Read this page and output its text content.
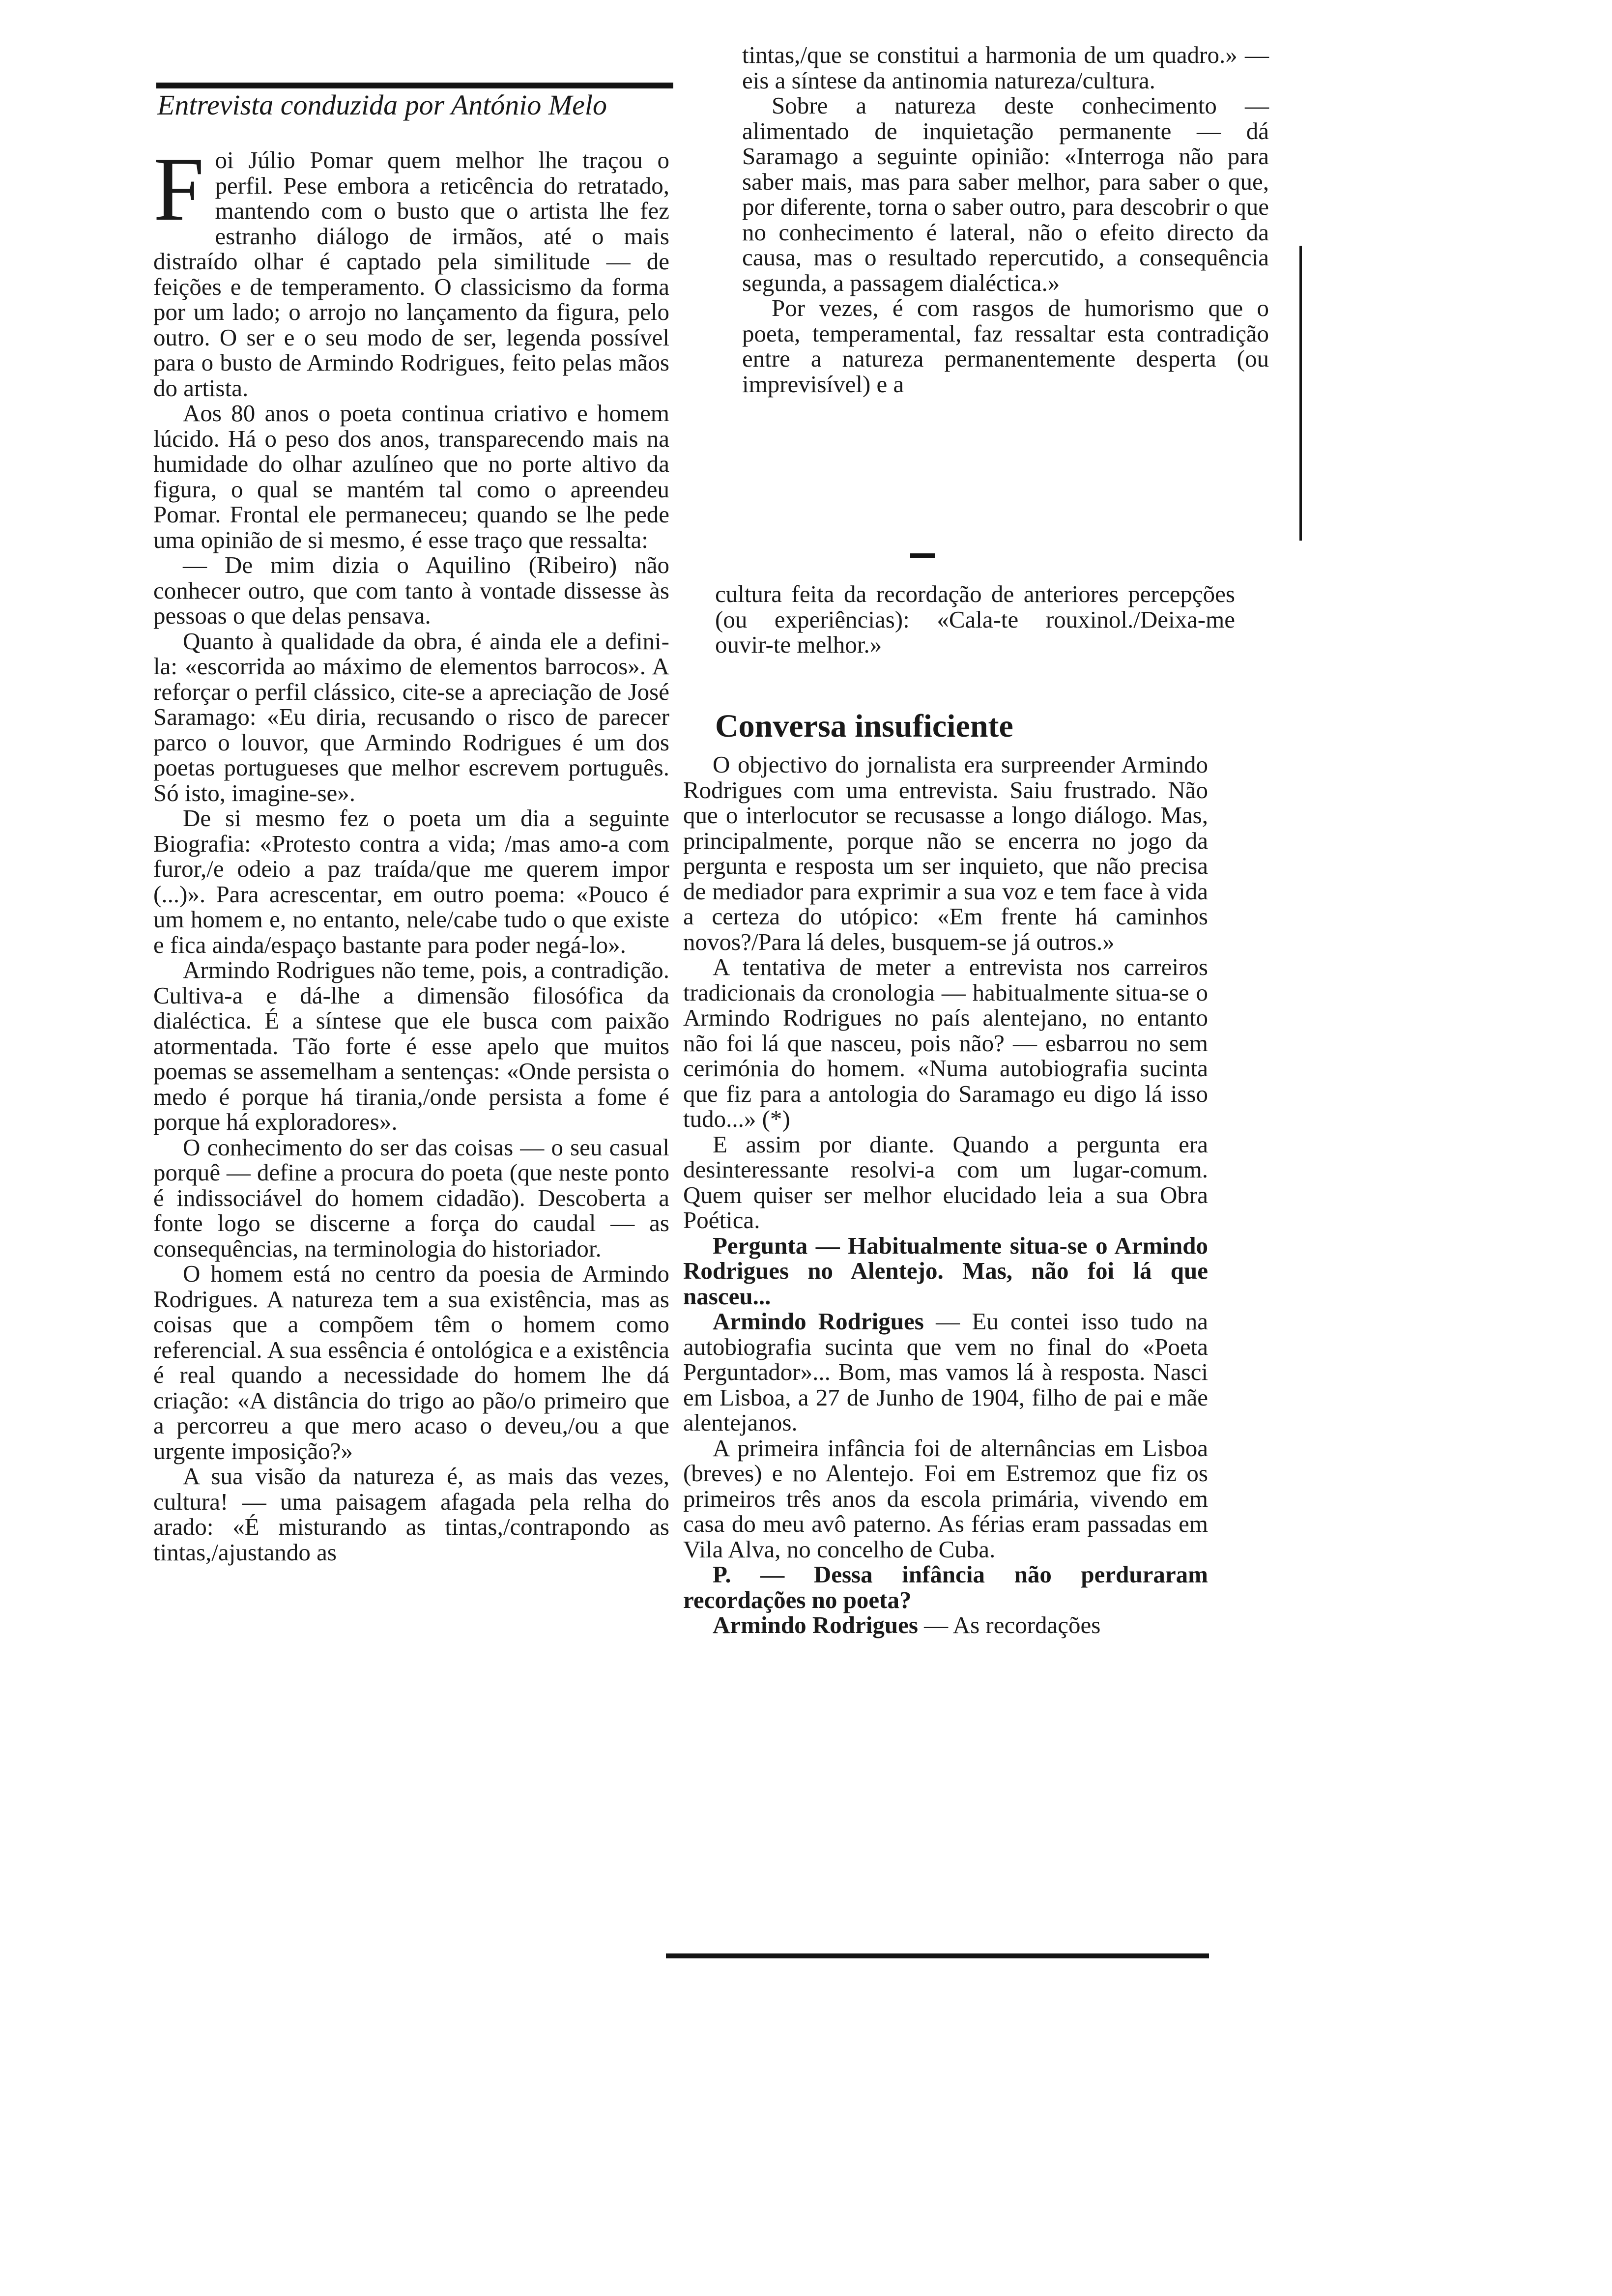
Entrevista conduzida por António Melo

Foi Júlio Pomar quem melhor lhe traçou o perfil. Pese embora a reticência do retratado, mantendo com o busto que o artista lhe fez estranho diálogo de irmãos, até o mais distraído olhar é captado pela similitude — de feições e de temperamento. O classicismo da forma por um lado; o arrojo no lançamento da figura, pelo outro. O ser e o seu modo de ser, legenda possível para o busto de Armindo Rodrigues, feito pelas mãos do artista.

Aos 80 anos o poeta continua criativo e homem lúcido. Há o peso dos anos, transparecendo mais na humidade do olhar azulíneo que no porte altivo da figura, o qual se mantém tal como o apreendeu Pomar. Frontal ele permaneceu; quando se lhe pede uma opinião de si mesmo, é esse traço que ressalta:

— De mim dizia o Aquilino (Ribeiro) não conhecer outro, que com tanto à vontade dissesse às pessoas o que delas pensava.

Quanto à qualidade da obra, é ainda ele a defini-la: «escorrida ao máximo de elementos barrocos». A reforçar o perfil clássico, cite-se a apreciação de José Saramago: «Eu diria, recusando o risco de parecer parco o louvor, que Armindo Rodrigues é um dos poetas portugueses que melhor escrevem português. Só isto, imagine-se».

De si mesmo fez o poeta um dia a seguinte Biografia: «Protesto contra a vida; /mas amo-a com furor,/e odeio a paz traída/que me querem impor (...)». Para acrescentar, em outro poema: «Pouco é um homem e, no entanto, nele/cabe tudo o que existe e fica ainda/espaço bastante para poder negá-lo».

Armindo Rodrigues não teme, pois, a contradição. Cultiva-a e dá-lhe a dimensão filosófica da dialéctica. É a síntese que ele busca com paixão atormentada. Tão forte é esse apelo que muitos poemas se assemelham a sentenças: «Onde persista o medo é porque há tirania,/onde persista a fome é porque há exploradores».

O conhecimento do ser das coisas — o seu casual porquê — define a procura do poeta (que neste ponto é indissociável do homem cidadão). Descoberta a fonte logo se discerne a força do caudal — as consequências, na terminologia do historiador.

O homem está no centro da poesia de Armindo Rodrigues. A natureza tem a sua existência, mas as coisas que a compõem têm o homem como referencial. A sua essência é ontológica e a existência é real quando a necessidade do homem lhe dá criação: «A distância do trigo ao pão/o primeiro que a percorreu a que mero acaso o deveu,/ou a que urgente imposição?»

A sua visão da natureza é, as mais das vezes, cultura! — uma paisagem afagada pela relha do arado: «É misturando as tintas,/contrapondo as tintas,/ajustando as

tintas,/que se constitui a harmonia de um quadro.» — eis a síntese da antinomia natureza/cultura.

Sobre a natureza deste conhecimento — alimentado de inquietação permanente — dá Saramago a seguinte opinião: «Interroga não para saber mais, mas para saber melhor, para saber o que, por diferente, torna o saber outro, para descobrir o que no conhecimento é lateral, não o efeito directo da causa, mas o resultado repercutido, a consequência segunda, a passagem dialéctica.»

Por vezes, é com rasgos de humorismo que o poeta, temperamental, faz ressaltar esta contradição entre a natureza permanentemente desperta (ou imprevisível) e a

cultura feita da recordação de anteriores percepções (ou experiências): «Cala-te rouxinol./Deixa-me ouvir-te melhor.»

Conversa insuficiente

O objectivo do jornalista era surpreender Armindo Rodrigues com uma entrevista. Saiu frustrado. Não que o interlocutor se recusasse a longo diálogo. Mas, principalmente, porque não se encerra no jogo da pergunta e resposta um ser inquieto, que não precisa de mediador para exprimir a sua voz e tem face à vida a certeza do utópico: «Em frente há caminhos novos?/Para lá deles, busquem-se já outros.»

A tentativa de meter a entrevista nos carreiros tradicionais da cronologia — habitualmente situa-se o Armindo Rodrigues no país alentejano, no entanto não foi lá que nasceu, pois não? — esbarrou no sem cerimónia do homem. «Numa autobiografia sucinta que fiz para a antologia do Saramago eu digo lá isso tudo...» (*)

E assim por diante. Quando a pergunta era desinteressante resolvi-a com um lugar-comum. Quem quiser ser melhor elucidado leia a sua Obra Poética.

Pergunta — Habitualmente situa-se o Armindo Rodrigues no Alentejo. Mas, não foi lá que nasceu...

Armindo Rodrigues — Eu contei isso tudo na autobiografia sucinta que vem no final do «Poeta Perguntador»... Bom, mas vamos lá à resposta. Nasci em Lisboa, a 27 de Junho de 1904, filho de pai e mãe alentejanos.

A primeira infância foi de alternâncias em Lisboa (breves) e no Alentejo. Foi em Estremoz que fiz os primeiros três anos da escola primária, vivendo em casa do meu avô paterno. As férias eram passadas em Vila Alva, no concelho de Cuba.

P. — Dessa infância não perduraram recordações no poeta?

Armindo Rodrigues — As recordações
